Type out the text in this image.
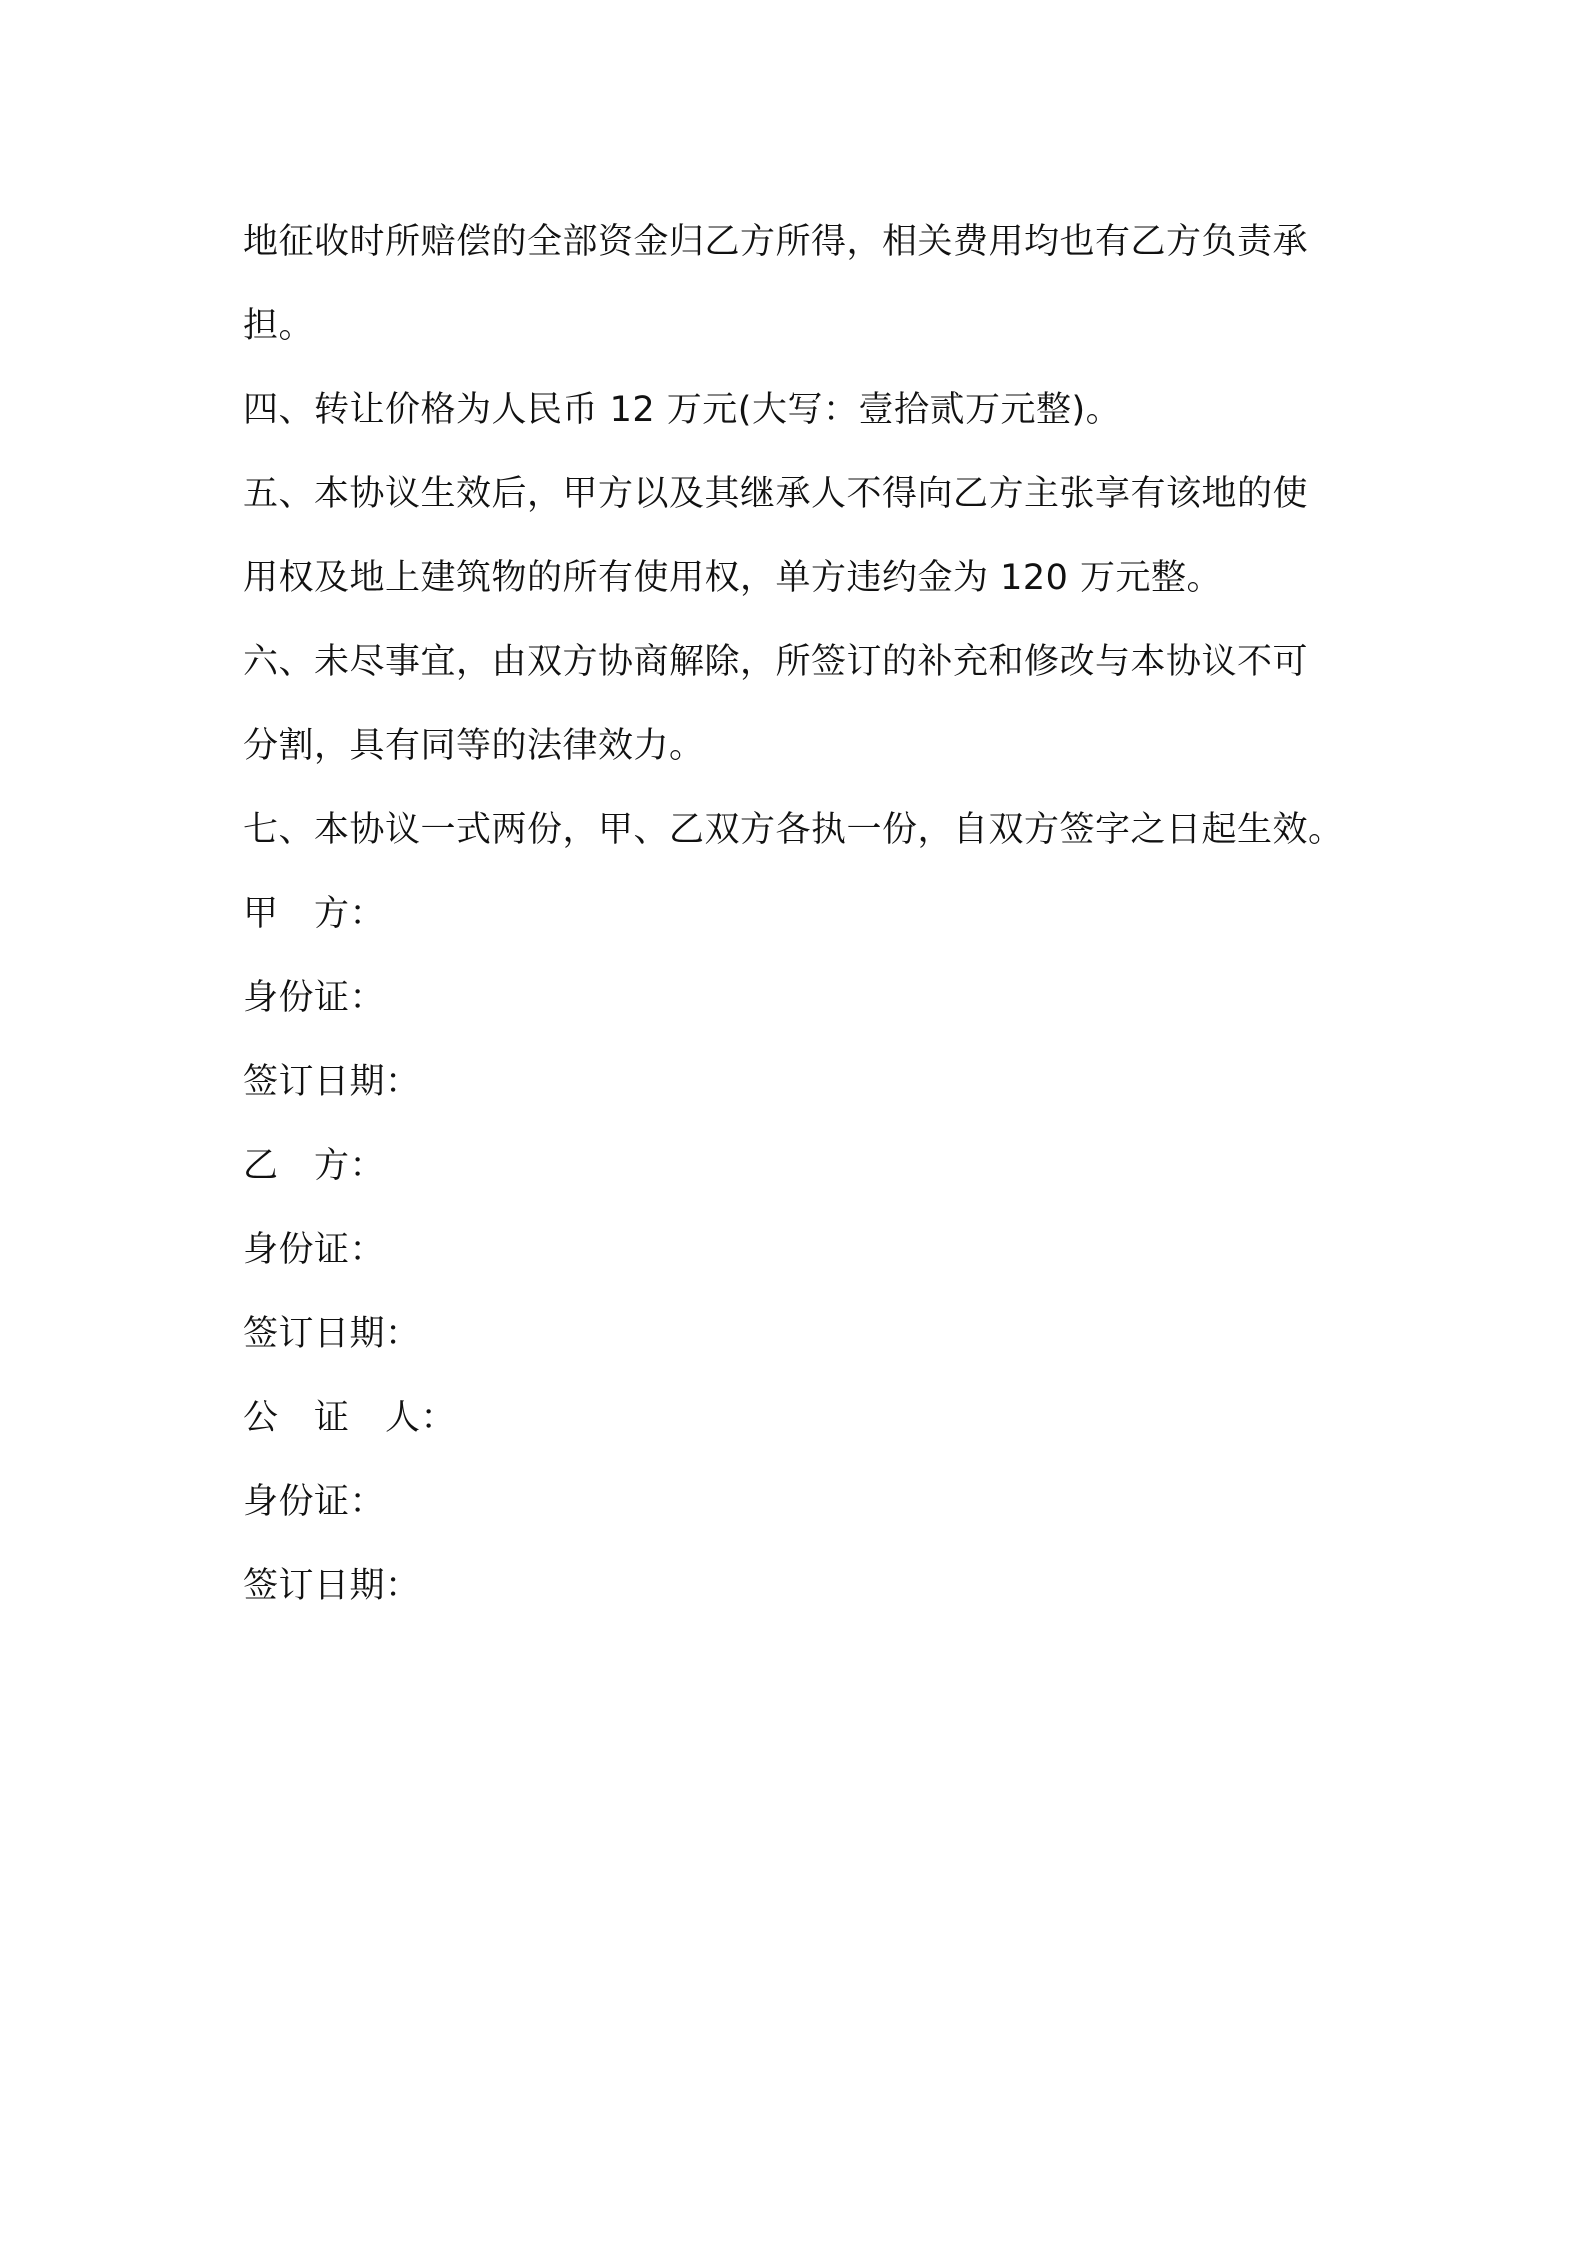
地征收时所赔偿的全部资金归乙方所得，相关费用均也有乙方负责承
担。
四、转让价格为人民币 12 万元(大写：壹拾贰万元整)。
五、本协议生效后，甲方以及其继承人不得向乙方主张享有该地的使
用权及地上建筑物的所有使用权，单方违约金为 120 万元整。
六、未尽事宜，由双方协商解除，所签订的补充和修改与本协议不可
分割，具有同等的法律效力。
七、本协议一式两份，甲、乙双方各执一份，自双方签字之日起生效。
甲　方：
身份证：
签订日期：
乙　方：
身份证：
签订日期：
公　证　人：
身份证：
签订日期：
